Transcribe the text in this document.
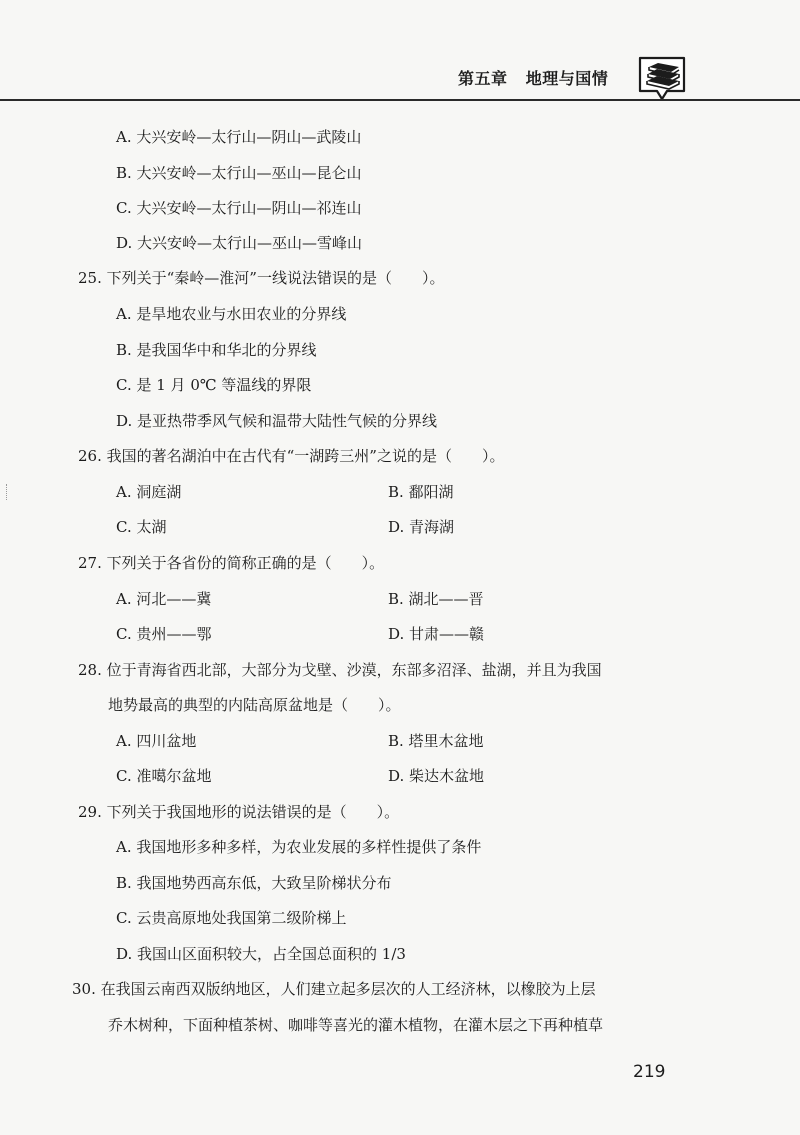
第五章   地理与国情
A. 大兴安岭—太行山—阴山—武陵山
B. 大兴安岭—太行山—巫山—昆仑山
C. 大兴安岭—太行山—阴山—祁连山
D. 大兴安岭—太行山—巫山—雪峰山
25. 下列关于“秦岭—淮河”一线说法错误的是（　　）。
A. 是旱地农业与水田农业的分界线
B. 是我国华中和华北的分界线
C. 是 1 月 0℃ 等温线的界限
D. 是亚热带季风气候和温带大陆性气候的分界线
26. 我国的著名湖泊中在古代有“一湖跨三州”之说的是（　　）。
A. 洞庭湖	B. 鄱阳湖
C. 太湖	D. 青海湖
27. 下列关于各省份的简称正确的是（　　）。
A. 河北——冀	B. 湖北——晋
C. 贵州——鄂	D. 甘肃——赣
28. 位于青海省西北部，大部分为戈壁、沙漠，东部多沼泽、盐湖，并且为我国
地势最高的典型的内陆高原盆地是（　　）。
A. 四川盆地	B. 塔里木盆地
C. 准噶尔盆地	D. 柴达木盆地
29. 下列关于我国地形的说法错误的是（　　）。
A. 我国地形多种多样，为农业发展的多样性提供了条件
B. 我国地势西高东低，大致呈阶梯状分布
C. 云贵高原地处我国第二级阶梯上
D. 我国山区面积较大，占全国总面积的 1/3
30. 在我国云南西双版纳地区，人们建立起多层次的人工经济林，以橡胶为上层
乔木树种，下面种植茶树、咖啡等喜光的灌木植物，在灌木层之下再种植草
219
